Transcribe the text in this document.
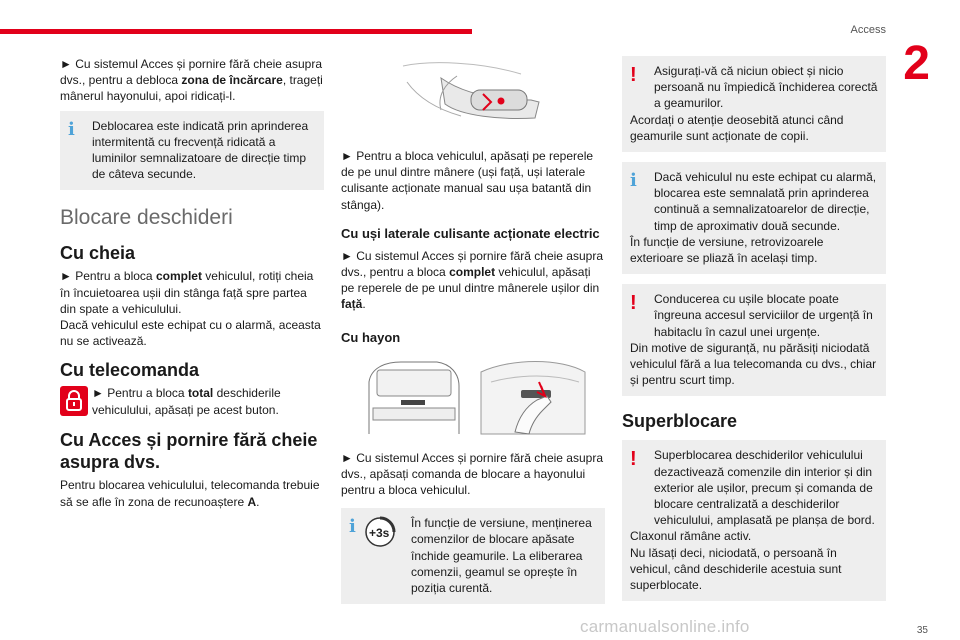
Access
2

► Cu sistemul Acces și pornire fără cheie asupra dvs., pentru a debloca zona de încărcare, trageți mânerul hayonului, apoi ridicați-l.

i	Deblocarea este indicată prin aprinderea intermitentă cu frecvență ridicată a luminilor semnalizatoare de direcție timp de câteva secunde.

Blocare deschideri
Cu cheia

► Pentru a bloca complet vehiculul, rotiți cheia în încuietoarea ușii din stânga față spre partea din spate a vehiculului.

Dacă vehiculul este echipat cu o alarmă, aceasta nu se activează.

Cu telecomanda

► Pentru a bloca total deschiderile vehiculului, apăsați pe acest buton.

Cu Acces și pornire fără cheie asupra dvs.

Pentru blocarea vehiculului, telecomanda trebuie să se afle în zona de recunoaștere A.

► Pentru a bloca vehiculul, apăsați pe reperele de pe unul dintre mânere (uși față, uși laterale culisante acționate manual sau ușa batantă din stânga).

Cu uși laterale culisante acționate electric

► Cu sistemul Acces și pornire fără cheie asupra dvs., pentru a bloca complet vehiculul, apăsați pe reperele de pe unul dintre mânerele ușilor din față.

Cu hayon

► Cu sistemul Acces și pornire fără cheie asupra dvs., apăsați comanda de blocare a hayonului pentru a bloca vehiculul.

i +3s

În funcție de versiune, menținerea comenzilor de blocare apăsate închide geamurile. La eliberarea comenzii, geamul se oprește în poziția curentă.

!	Asigurați-vă că niciun obiect și nicio persoană nu împiedică închiderea corectă a geamurilor.

Acordați o atenție deosebită atunci când geamurile sunt acționate de copii.

i	Dacă vehiculul nu este echipat cu alarmă, blocarea este semnalată prin aprinderea continuă a semnalizatoarelor de direcție, timp de aproximativ două secunde.

În funcție de versiune, retrovizoarele exterioare se pliază în același timp.

!	Conducerea cu ușile blocate poate îngreuna accesul serviciilor de urgență în habitaclu în cazul unei urgențe.

Din motive de siguranță, nu părăsiți niciodată vehiculul fără a lua telecomanda cu dvs., chiar și pentru scurt timp.

Superblocare
!	Superblocarea deschiderilor vehiculului dezactivează comenzile din interior și din exterior ale ușilor, precum și comanda de blocare centralizată a deschiderilor vehiculului, amplasată pe planșa de bord.

Claxonul rămâne activ.

Nu lăsați deci, niciodată, o persoană în vehicul, când deschiderile acestuia sunt superblocate.

carmanualsonline.info	35
